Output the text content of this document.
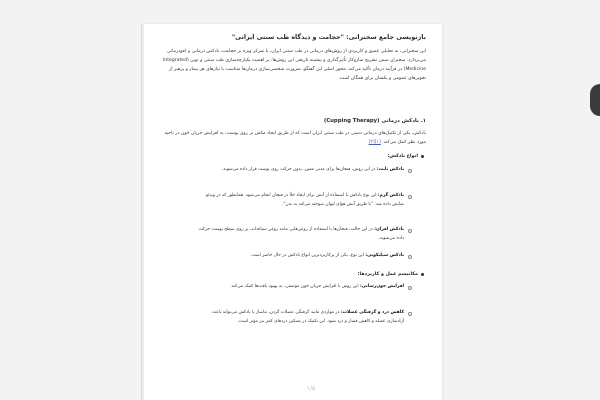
بازنویسی جامع سخنرانی: "حجامت و دیدگاه طب سنتی ایرانی"
این سخنرانی، به تحلیلی عمیق و کاربردی از روش‌های درمانی در طب سنتی ایران، با تمرکز ویژه بر حجامت، بادکش درمانی و (فودرمانی می‌پردازد. سخنران ضمن تشریح سازوکار تأثیرگذاری و پیشینه تاریخی این روش‌ها، بر اهمیت یکپارچه‌سازی طب سنتی و نوین (Integrated Medicine) در فرآیند درمان تأکید می‌کند. محور اصلی این گفتگو، ضرورت شخصی‌سازی درمان‌ها متناسب با نیازهای هر بیمار و پرهیز از تجویزهای عمومی و یکسان برای همگان است.
۱. بادکش درمانی (Cupping Therapy)
بادکش، یکی از تکنیک‌های درمانی دستی در طب سنتی ایران است که از طریق ایجاد مکش بر روی پوست، به افزایش جریان خون در ناحیه مورد نظر کمک می‌کند. [۱][۲]
انواع بادکش:
بادکش ثابت: در این روش، فنجان‌ها برای مدتی معین، بدون حرکت روی پوست قرار داده می‌شوند.
بادکش گرم: این نوع بادکش با استفاده از آتش برای ایجاد خلأ در فنجان انجام می‌شود. همانطور که در ویدئو نمایش داده شد: "با طریق آتش هوای لیوان سوخته می‌کنه یه بدن".
بادکش لغزان: در این حالت، فنجان‌ها با استفاده از روغن‌هایی مانند روغن سیاه‌دانه، بر روی سطح پوست حرکت داده می‌شوند.
بادکش سیلیکونی: این نوع، یکی از پرکاربردترین انواع بادکش در حال حاضر است.
مکانیسم عمل و کاربردها:
افزایش خون‌رسانی: این روش با افزایش جریان خون موضعی، به بهبود بافت‌ها کمک می‌کند.
کاهش درد و گرفتگی عضلات: در مواردی مانند گرفتگی عضلات گردن، ماساژ با بادکش می‌تواند باعث آزادسازی عضله و کاهش فشار و درد شود. این تکنیک در تسکین دردهای کمر نیز مؤثر است.
۱/۵
